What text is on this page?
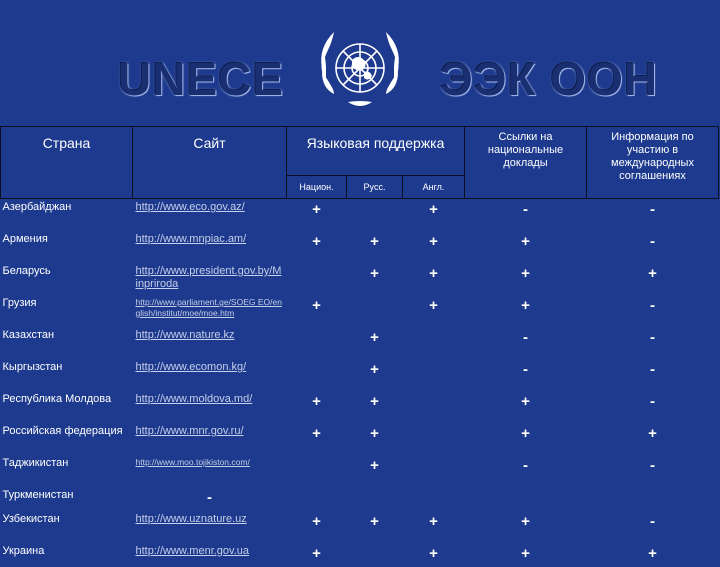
UNECE	ЭЭК ООН
Страна	Сайт	Языковая поддержка			Ссылки на национальные доклады	Информация по участию в международных соглашениях
		Национ.	Русс.	Англ.		
Азербайджан	http://www.eco.gov.az/	+		+	-	-
Армения	http://www.mnpiac.am/	+	+	+	+	-
Беларусь	http://www.president.gov.by/Minpriroda		+	+	+	+
Грузия	http://www.parliament.ge/SOEG EO/english/institut/moe/moe.htm	+		+	+	-
Казахстан	http://www.nature.kz		+		-	-
Кыргызстан	http://www.ecomon.kg/		+		-	-
Республика Молдова	http://www.moldova.md/	+	+		+	-
Российская федерация	http://www.mnr.gov.ru/	+	+		+	+
Таджикистан	http://www.moo.tojikiston.com/		+		-	-
Туркменистан	-					
Узбекистан	http://www.uznature.uz	+	+	+	+	-
Украина	http://www.menr.gov.ua	+		+	+	+
